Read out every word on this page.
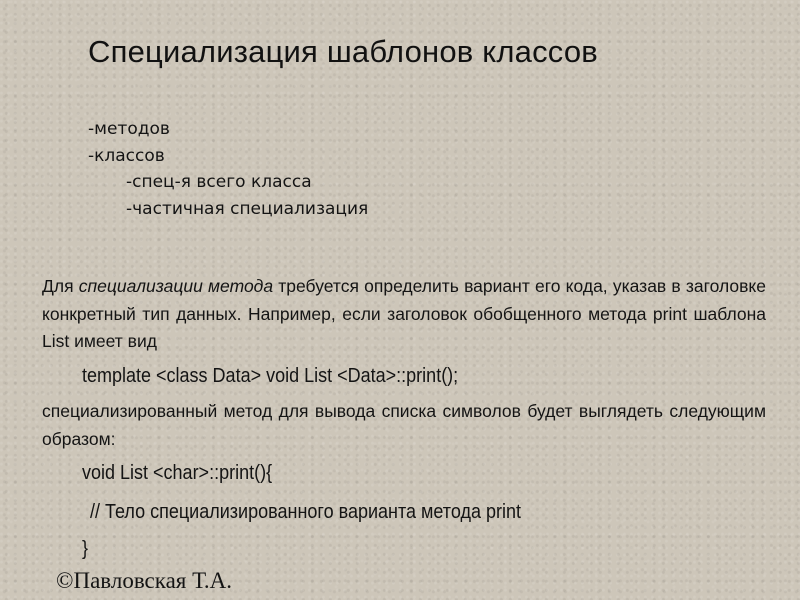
Специализация шаблонов классов
-методов
-классов
-спец-я всего класса
-частичная специализация
Для специализации метода требуется определить вариант его кода, указав в заголовке конкретный тип данных. Например, если заголовок обобщенного метода print шаблона List имеет вид
template <class Data> void List <Data>::print();
специализированный метод для вывода списка символов будет выглядеть следующим образом:
void List <char>::print(){
// Тело специализированного варианта метода print
}
©Павловская Т.А.
